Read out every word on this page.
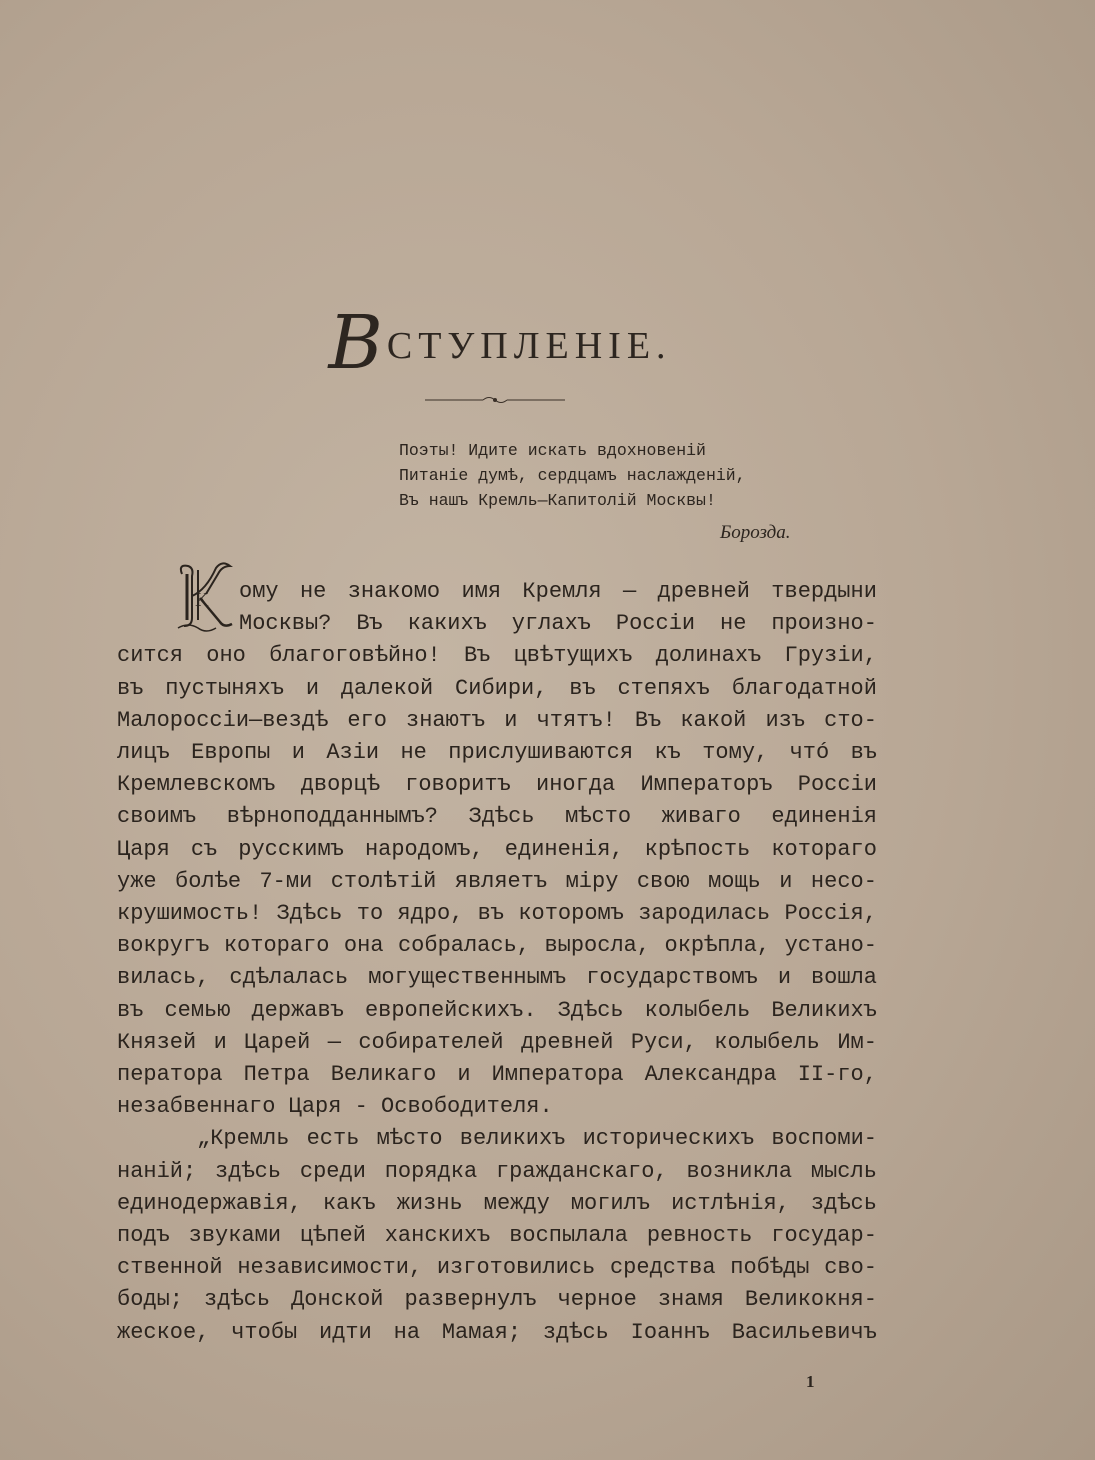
ВСТУПЛЕНIЕ.
Поэты! Идите искать вдохновенiй
Питанiе думѣ, сердцамъ наслажденiй,
Въ нашъ Кремль—Капитолiй Москвы!
Борозда.
К ому не знакомо имя Кремля — древней твердыни
Москвы? Въ какихъ углахъ Россiи не произно-
сится оно благоговѣйно! Въ цвѣтущихъ долинахъ Грузiи,
въ пустыняхъ и далекой Сибири, въ степяхъ благодатной
Малороссiи—вездѣ его знаютъ и чтятъ! Въ какой изъ сто-
лицъ Европы и Азiи не прислушиваются къ тому, чтó въ
Кремлевскомъ дворцѣ говоритъ иногда Императоръ Россiи
своимъ вѣрноподданнымъ? Здѣсь мѣсто живаго единенiя
Царя съ русскимъ народомъ, единенiя, крѣпость котораго
уже болѣе 7-ми столѣтiй являетъ мiру свою мощь и несо-
крушимость! Здѣсь то ядро, въ которомъ зародилась Россiя,
вокругъ котораго она собралась, выросла, окрѣпла, устано-
вилась, сдѣлалась могущественнымъ государствомъ и вошла
въ семью державъ европейскихъ. Здѣсь колыбель Великихъ
Князей и Царей — собирателей древней Руси, колыбель Им-
ператора Петра Великаго и Императора Александра II-го,
незабвеннаго Царя - Освободителя.
„Кремль есть мѣсто великихъ историческихъ воспоми-
нанiй; здѣсь среди порядка гражданскаго, возникла мысль
единодержавiя, какъ жизнь между могилъ истлѣнiя, здѣсь
подъ звуками цѣпей ханскихъ воспылала ревность государ-
ственной независимости, изготовились средства побѣды сво-
боды; здѣсь Донской развернулъ черное знамя Великокня-
жеское, чтобы идти на Мамая; здѣсь Iоаннъ Васильевичъ
1
